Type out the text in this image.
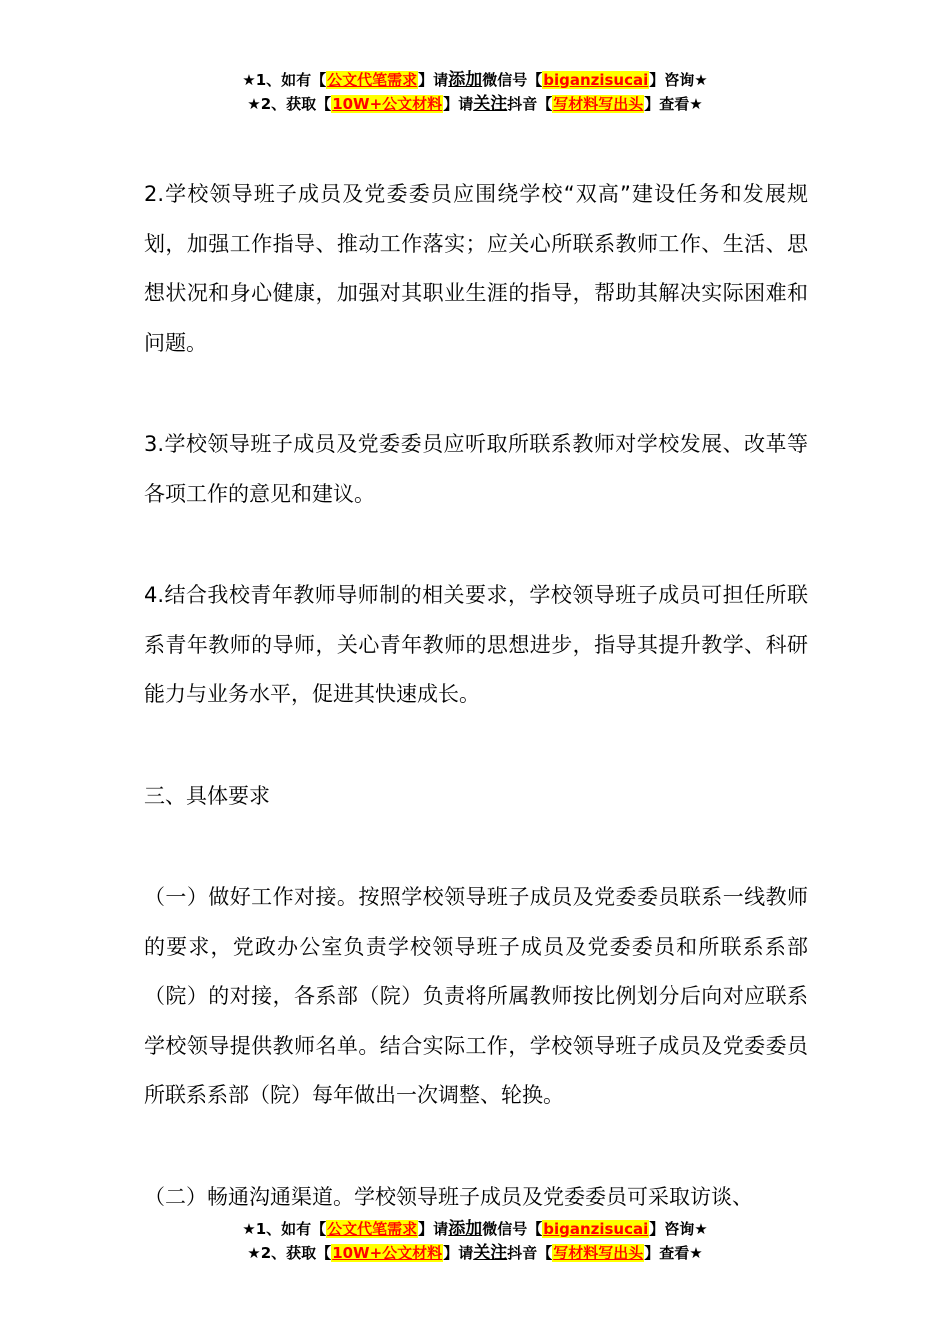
★1、如有【公文代笔需求】请添加微信号【biganzisucai】咨询★
★2、获取【10W+公文材料】请关注抖音【写材料写出头】查看★

2.学校领导班子成员及党委委员应围绕学校“双高”建设任务和发展规划，加强工作指导、推动工作落实；应关心所联系教师工作、生活、思想状况和身心健康，加强对其职业生涯的指导，帮助其解决实际困难和问题。

3.学校领导班子成员及党委委员应听取所联系教师对学校发展、改革等各项工作的意见和建议。

4.结合我校青年教师导师制的相关要求，学校领导班子成员可担任所联系青年教师的导师，关心青年教师的思想进步，指导其提升教学、科研能力与业务水平，促进其快速成长。

三、具体要求

（一）做好工作对接。按照学校领导班子成员及党委委员联系一线教师的要求，党政办公室负责学校领导班子成员及党委委员和所联系系部（院）的对接，各系部（院）负责将所属教师按比例划分后向对应联系学校领导提供教师名单。结合实际工作，学校领导班子成员及党委委员所联系系部（院）每年做出一次调整、轮换。

（二）畅通沟通渠道。学校领导班子成员及党委委员可采取访谈、

★1、如有【公文代笔需求】请添加微信号【biganzisucai】咨询★
★2、获取【10W+公文材料】请关注抖音【写材料写出头】查看★
